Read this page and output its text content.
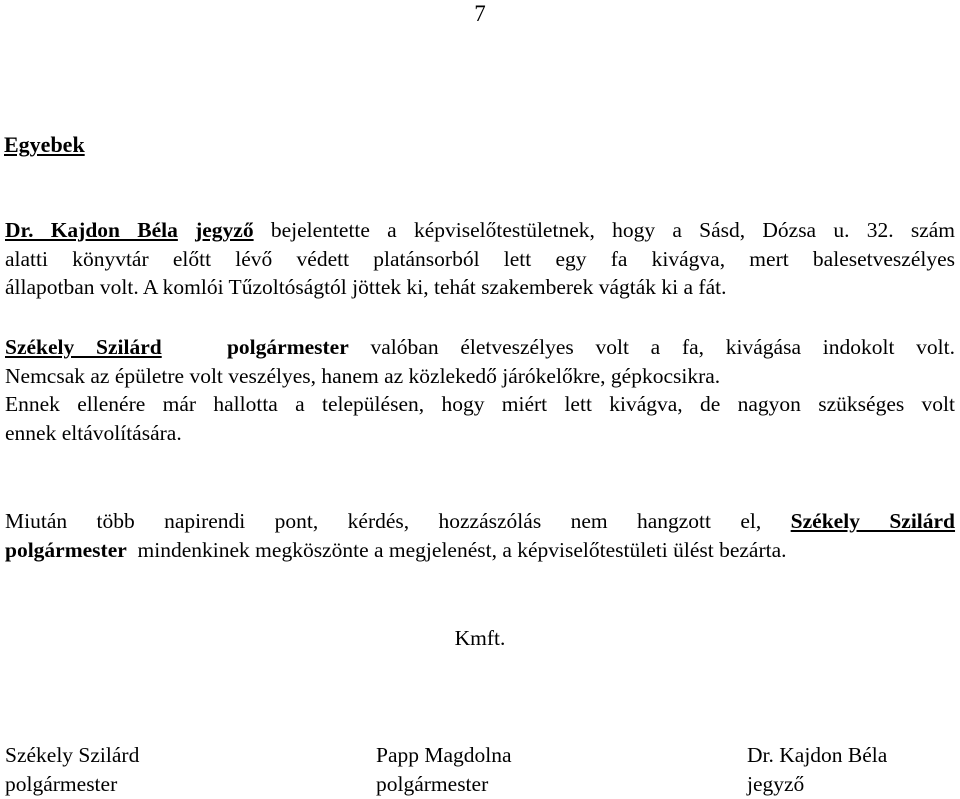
7
Egyebek
Dr. Kajdon Béla jegyző bejelentette a képviselőtestületnek, hogy a Sásd, Dózsa u. 32. szám
alatti könyvtár előtt lévő védett platánsorból lett egy fa kivágva, mert balesetveszélyes
állapotban volt. A komlói Tűzoltóságtól jöttek ki, tehát szakemberek vágták ki a fát.
Székely Szilárd	polgármester valóban életveszélyes volt a fa, kivágása indokolt volt.
Nemcsak az épületre volt veszélyes, hanem az közlekedő járókelőkre, gépkocsikra.
Ennek ellenére már hallotta a településen, hogy miért lett kivágva, de nagyon szükséges volt
ennek eltávolítására.
Miután több napirendi pont, kérdés, hozzászólás nem hangzott el, Székely Szilárd
polgármester mindenkinek megköszönte a megjelenést, a képviselőtestületi ülést bezárta.
Kmft.
Székely Szilárd
polgármester
Papp Magdolna
polgármester
Dr. Kajdon Béla
jegyző
